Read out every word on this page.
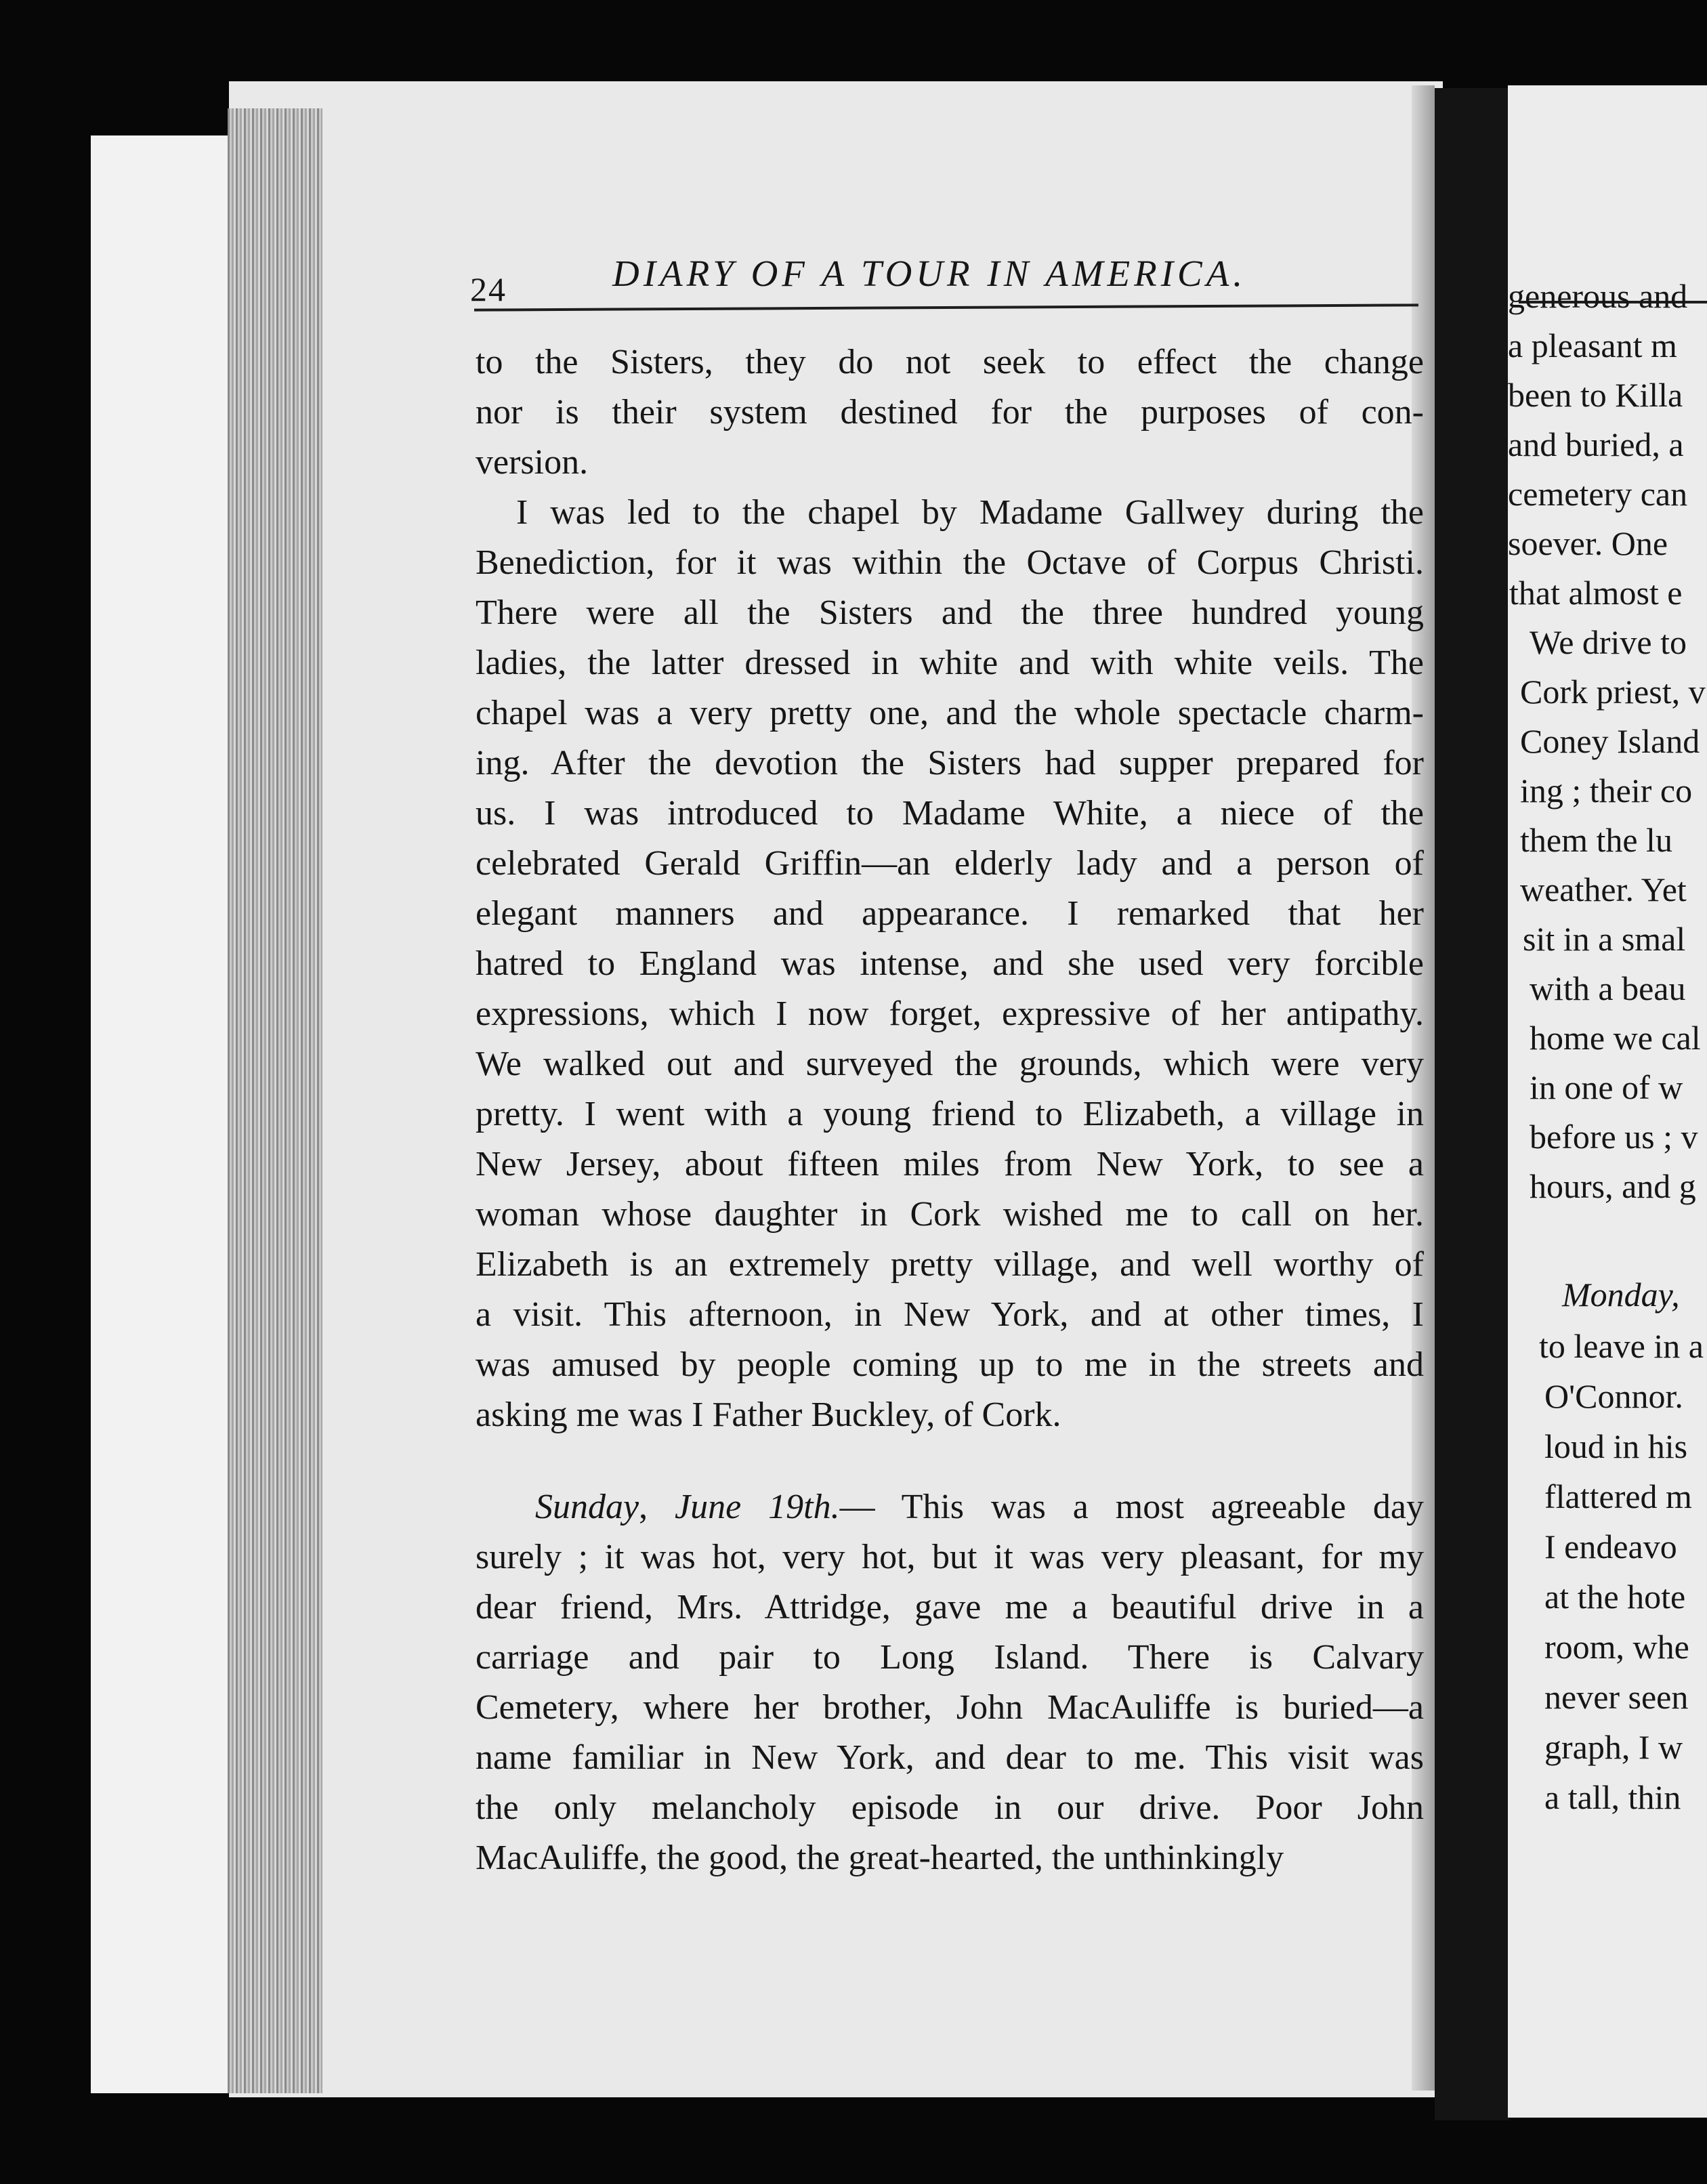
24	DIARY OF A TOUR IN AMERICA.
to the Sisters, they do not seek to effect the change
nor is their system destined for the purposes of con-
version.
I was led to the chapel by Madame Gallwey during the
Benediction, for it was within the Octave of Corpus Christi.
There were all the Sisters and the three hundred young
ladies, the latter dressed in white and with white veils. The
chapel was a very pretty one, and the whole spectacle charm-
ing. After the devotion the Sisters had supper prepared for
us. I was introduced to Madame White, a niece of the
celebrated Gerald Griffin—an elderly lady and a person of
elegant manners and appearance. I remarked that her
hatred to England was intense, and she used very forcible
expressions, which I now forget, expressive of her antipathy.
We walked out and surveyed the grounds, which were very
pretty. I went with a young friend to Elizabeth, a village in
New Jersey, about fifteen miles from New York, to see a
woman whose daughter in Cork wished me to call on her.
Elizabeth is an extremely pretty village, and well worthy of
a visit. This afternoon, in New York, and at other times, I
was amused by people coming up to me in the streets and
asking me was I Father Buckley, of Cork.
Sunday, June 19th.— This was a most agreeable day
surely ; it was hot, very hot, but it was very pleasant, for my
dear friend, Mrs. Attridge, gave me a beautiful drive in a
carriage and pair to Long Island. There is Calvary
Cemetery, where her brother, John MacAuliffe is buried—a
name familiar in New York, and dear to me. This visit was
the only melancholy episode in our drive. Poor John
MacAuliffe, the good, the great-hearted, the unthinkingly
generous and
a pleasant m
been to Killa
and buried, a
cemetery can
soever. One
that almost e
We drive to
Cork priest, v
Coney Island
ing ; their co
them the lu
weather. Yet
sit in a smal
with a beau
home we cal
in one of w
before us ; v
hours, and g
Monday,
to leave in a
O'Connor.
loud in his
flattered m
I endeavo
at the hote
room, whe
never seen
graph, I w
a tall, thin
